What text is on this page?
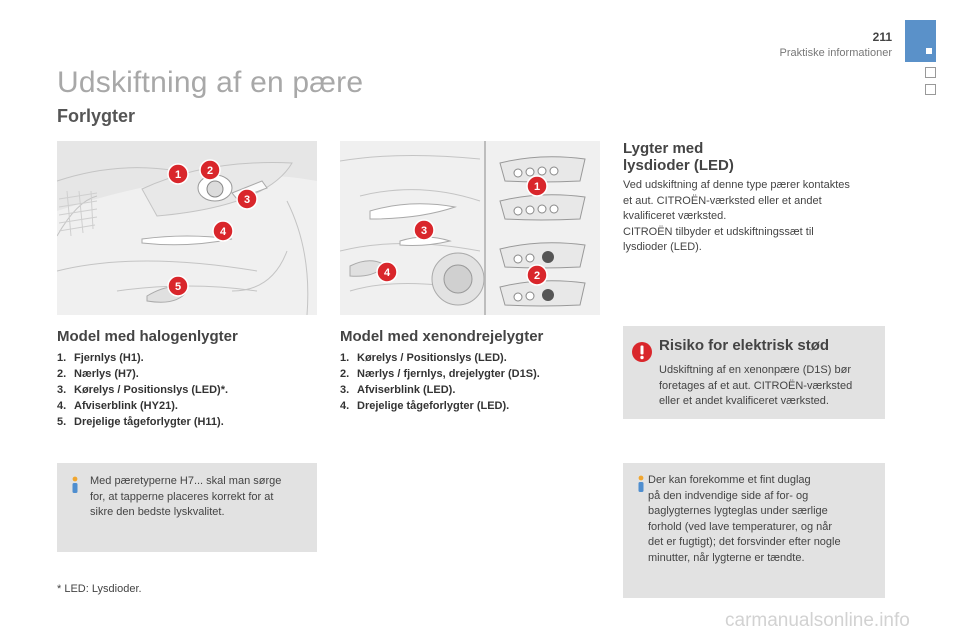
211
Praktiske informationer
Udskiftning af en pære
Forlygter
1 2
3
4
5
1
2
3
4
Model med halogenlygter
1. Fjernlys (H1).
2. Nærlys (H7).
3. Kørelys / Positionslys (LED)*.
4. Afviserblink (HY21).
5. Drejelige tågeforlygter (H11).
Model med xenondrejelygter
1. Kørelys / Positionslys (LED).
2. Nærlys / fjernlys, drejelygter (D1S).
3. Afviserblink (LED).
4. Drejelige tågeforlygter (LED).
Lygter med
lysdioder (LED)
Ved udskiftning af denne type pærer kontaktes
et aut. CITROËN-værksted eller et andet
kvalificeret værksted.
CITROËN tilbyder et udskiftningssæt til
lysdioder (LED).
Risiko for elektrisk stød
Udskiftning af en xenonpære (D1S) bør
foretages af et aut. CITROËN-værksted
eller et andet kvalificeret værksted.
Med pæretyperne H7... skal man sørge
for, at tapperne placeres korrekt for at
sikre den bedste lyskvalitet.
Der kan forekomme et fint duglag
på den indvendige side af for- og
baglygternes lygteglas under særlige
forhold (ved lave temperaturer, og når
det er fugtigt); det forsvinder efter nogle
minutter, når lygterne er tændte.
* LED: Lysdioder.
carmanualsonline.info
